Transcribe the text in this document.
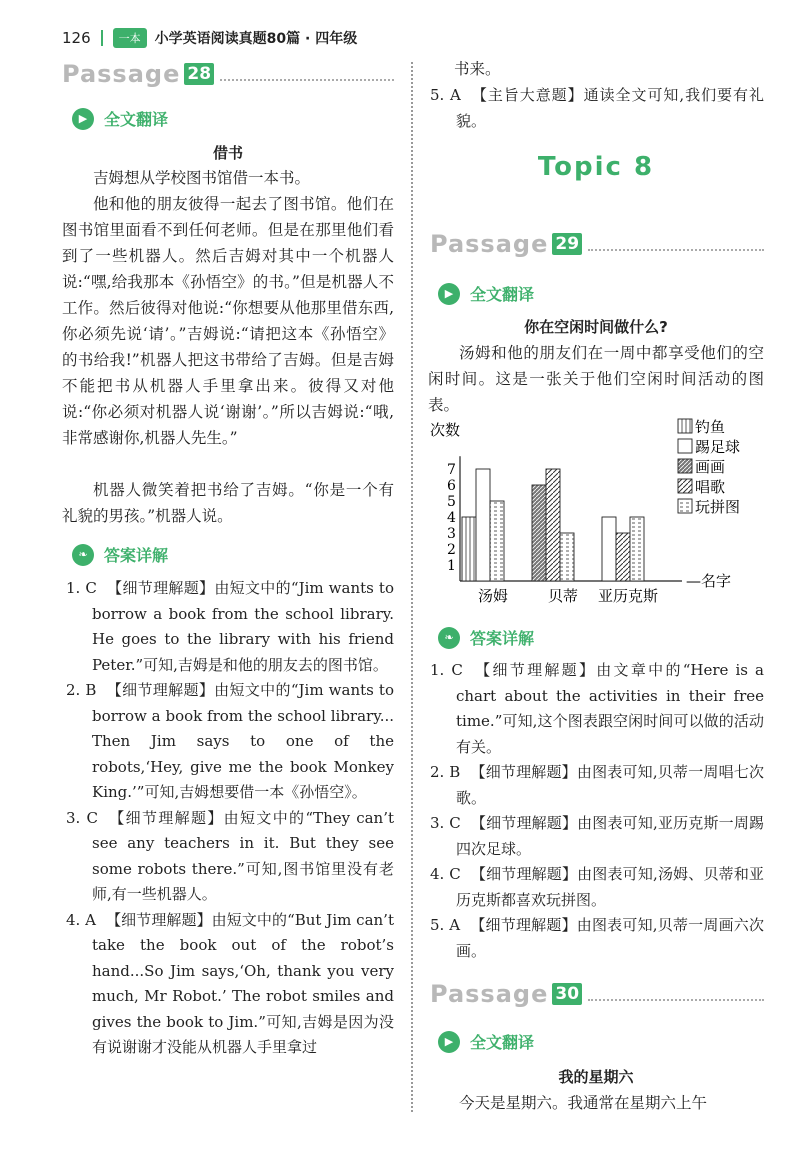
126	一本	小学英语阅读真题80篇 · 四年级
Passage 28
▶	全文翻译
借书
吉姆想从学校图书馆借一本书。
他和他的朋友彼得一起去了图书馆。他们在图书馆里面看不到任何老师。但是在那里他们看到了一些机器人。然后吉姆对其中一个机器人说:“嘿,给我那本《孙悟空》的书。”但是机器人不工作。然后彼得对他说:“你想要从他那里借东西,你必须先说‘请’。”吉姆说:“请把这本《孙悟空》的书给我!”机器人把这书带给了吉姆。但是吉姆不能把书从机器人手里拿出来。彼得又对他说:“你必须对机器人说‘谢谢’。”所以吉姆说:“哦,非常感谢你,机器人先生。”
机器人微笑着把书给了吉姆。“你是一个有礼貌的男孩。”机器人说。
❧	答案详解
1. C 【细节理解题】由短文中的“Jim wants to borrow a book from the school library. He goes to the library with his friend Peter.”可知,吉姆是和他的朋友去的图书馆。
2. B 【细节理解题】由短文中的“Jim wants to borrow a book from the school library... Then Jim says to one of the robots,‘Hey, give me the book Monkey King.’”可知,吉姆想要借一本《孙悟空》。
3. C 【细节理解题】由短文中的“They can’t see any teachers in it. But they see some robots there.”可知,图书馆里没有老师,有一些机器人。
4. A 【细节理解题】由短文中的“But Jim can’t take the book out of the robot’s hand...So Jim says,‘Oh, thank you very much, Mr Robot.’ The robot smiles and gives the book to Jim.”可知,吉姆是因为没有说谢谢才没能从机器人手里拿过
书来。
5. A 【主旨大意题】通读全文可知,我们要有礼貌。
Topic 8
Passage 29
▶	全文翻译
你在空闲时间做什么?
汤姆和他的朋友们在一周中都享受他们的空闲时间。这是一张关于他们空闲时间活动的图表。
次数
—名字
1
2
3
4
5
6
7
汤姆	贝蒂 亚历克斯
钓鱼
踢足球
画画
唱歌
玩拼图
❧	答案详解
1. C 【细节理解题】由文章中的“Here is a chart about the activities in their free time.”可知,这个图表跟空闲时间可以做的活动有关。
2. B 【细节理解题】由图表可知,贝蒂一周唱七次歌。
3. C 【细节理解题】由图表可知,亚历克斯一周踢四次足球。
4. C 【细节理解题】由图表可知,汤姆、贝蒂和亚历克斯都喜欢玩拼图。
5. A 【细节理解题】由图表可知,贝蒂一周画六次画。
Passage 30
▶	全文翻译
我的星期六
今天是星期六。我通常在星期六上午
